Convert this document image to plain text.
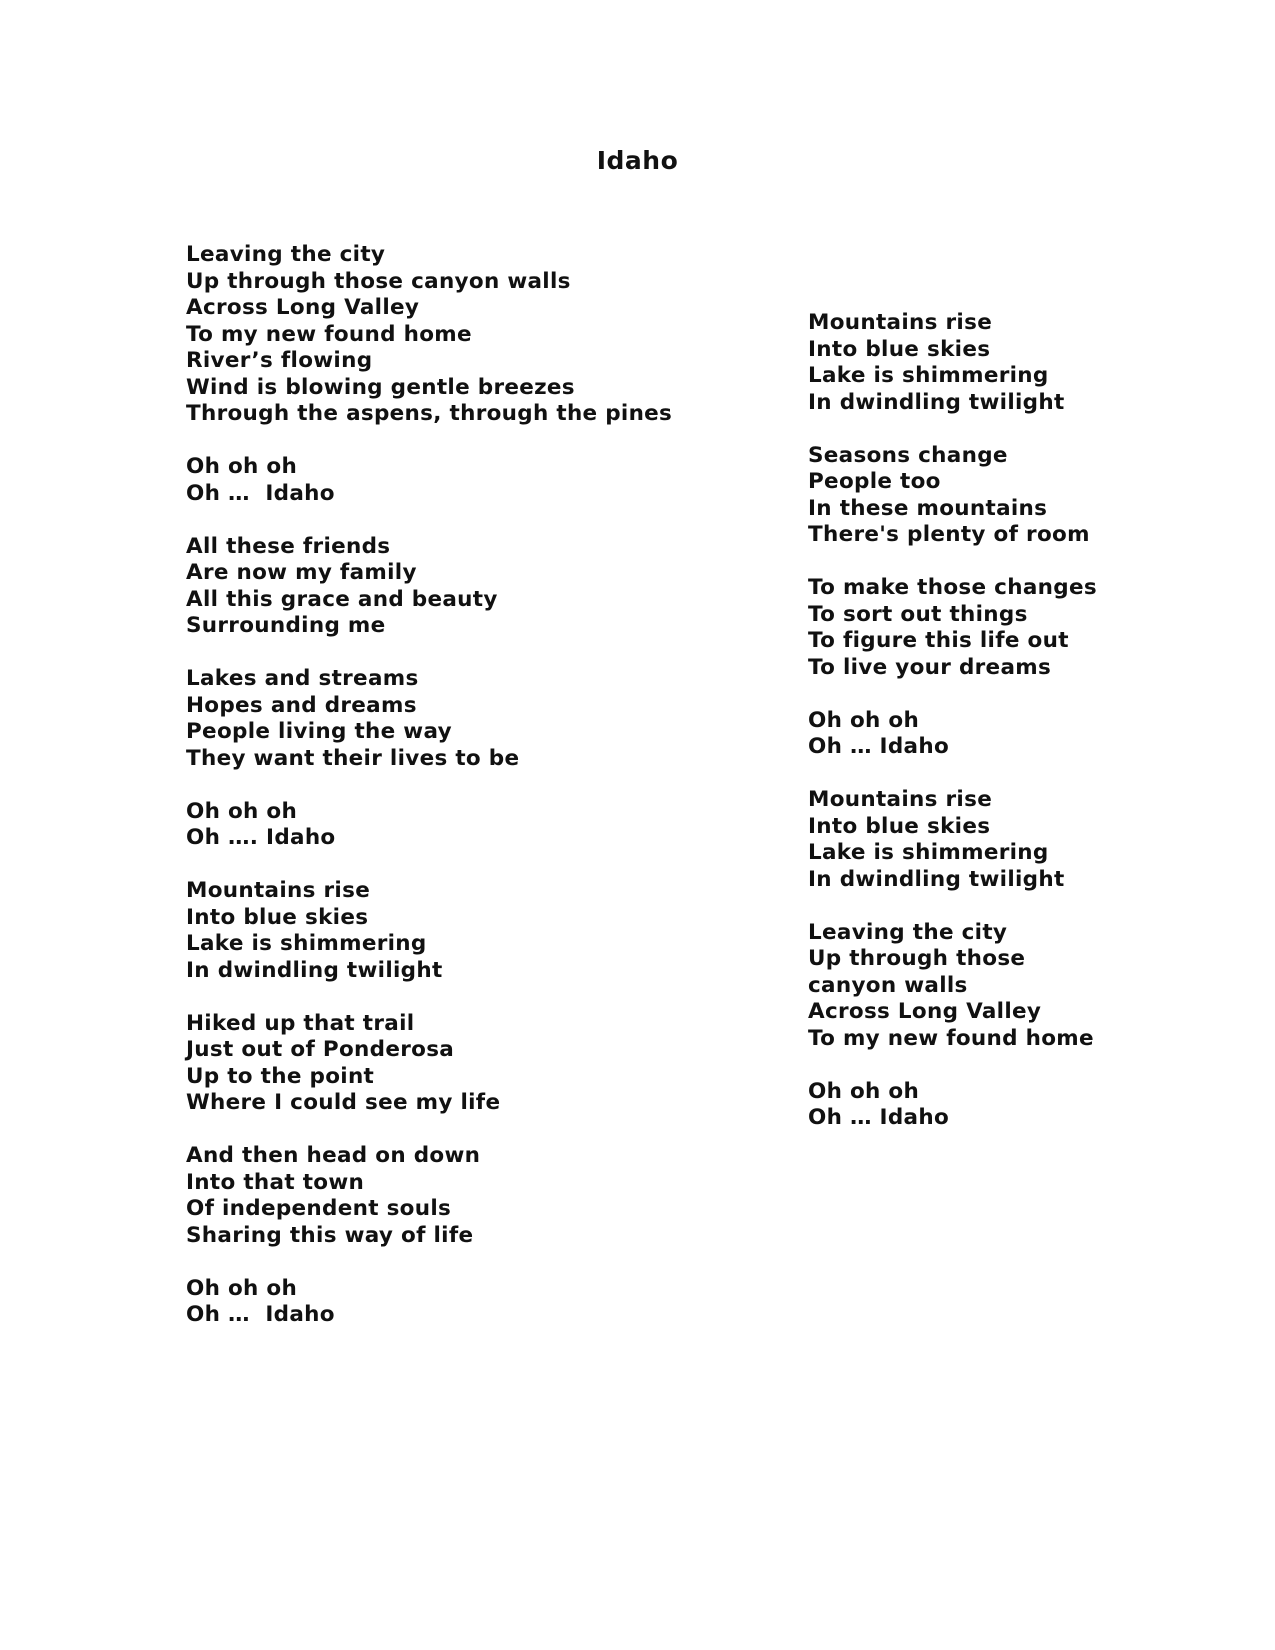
Idaho
Leaving the city
Up through those canyon walls
Across Long Valley
To my new found home
River’s flowing
Wind is blowing gentle breezes
Through the aspens, through the pines
Oh oh oh
Oh …  Idaho
All these friends
Are now my family
All this grace and beauty
Surrounding me
Lakes and streams
Hopes and dreams
People living the way
They want their lives to be
Oh oh oh
Oh …. Idaho
Mountains rise
Into blue skies
Lake is shimmering
In dwindling twilight
Hiked up that trail
Just out of Ponderosa
Up to the point
Where I could see my life
And then head on down
Into that town
Of independent souls
Sharing this way of life
Oh oh oh
Oh …  Idaho
Mountains rise
Into blue skies
Lake is shimmering
In dwindling twilight
Seasons change
People too
In these mountains
There's plenty of room
To make those changes
To sort out things
To figure this life out
To live your dreams
Oh oh oh
Oh … Idaho
Mountains rise
Into blue skies
Lake is shimmering
In dwindling twilight
Leaving the city
Up through those canyon walls
Across Long Valley
To my new found home
Oh oh oh
Oh … Idaho
